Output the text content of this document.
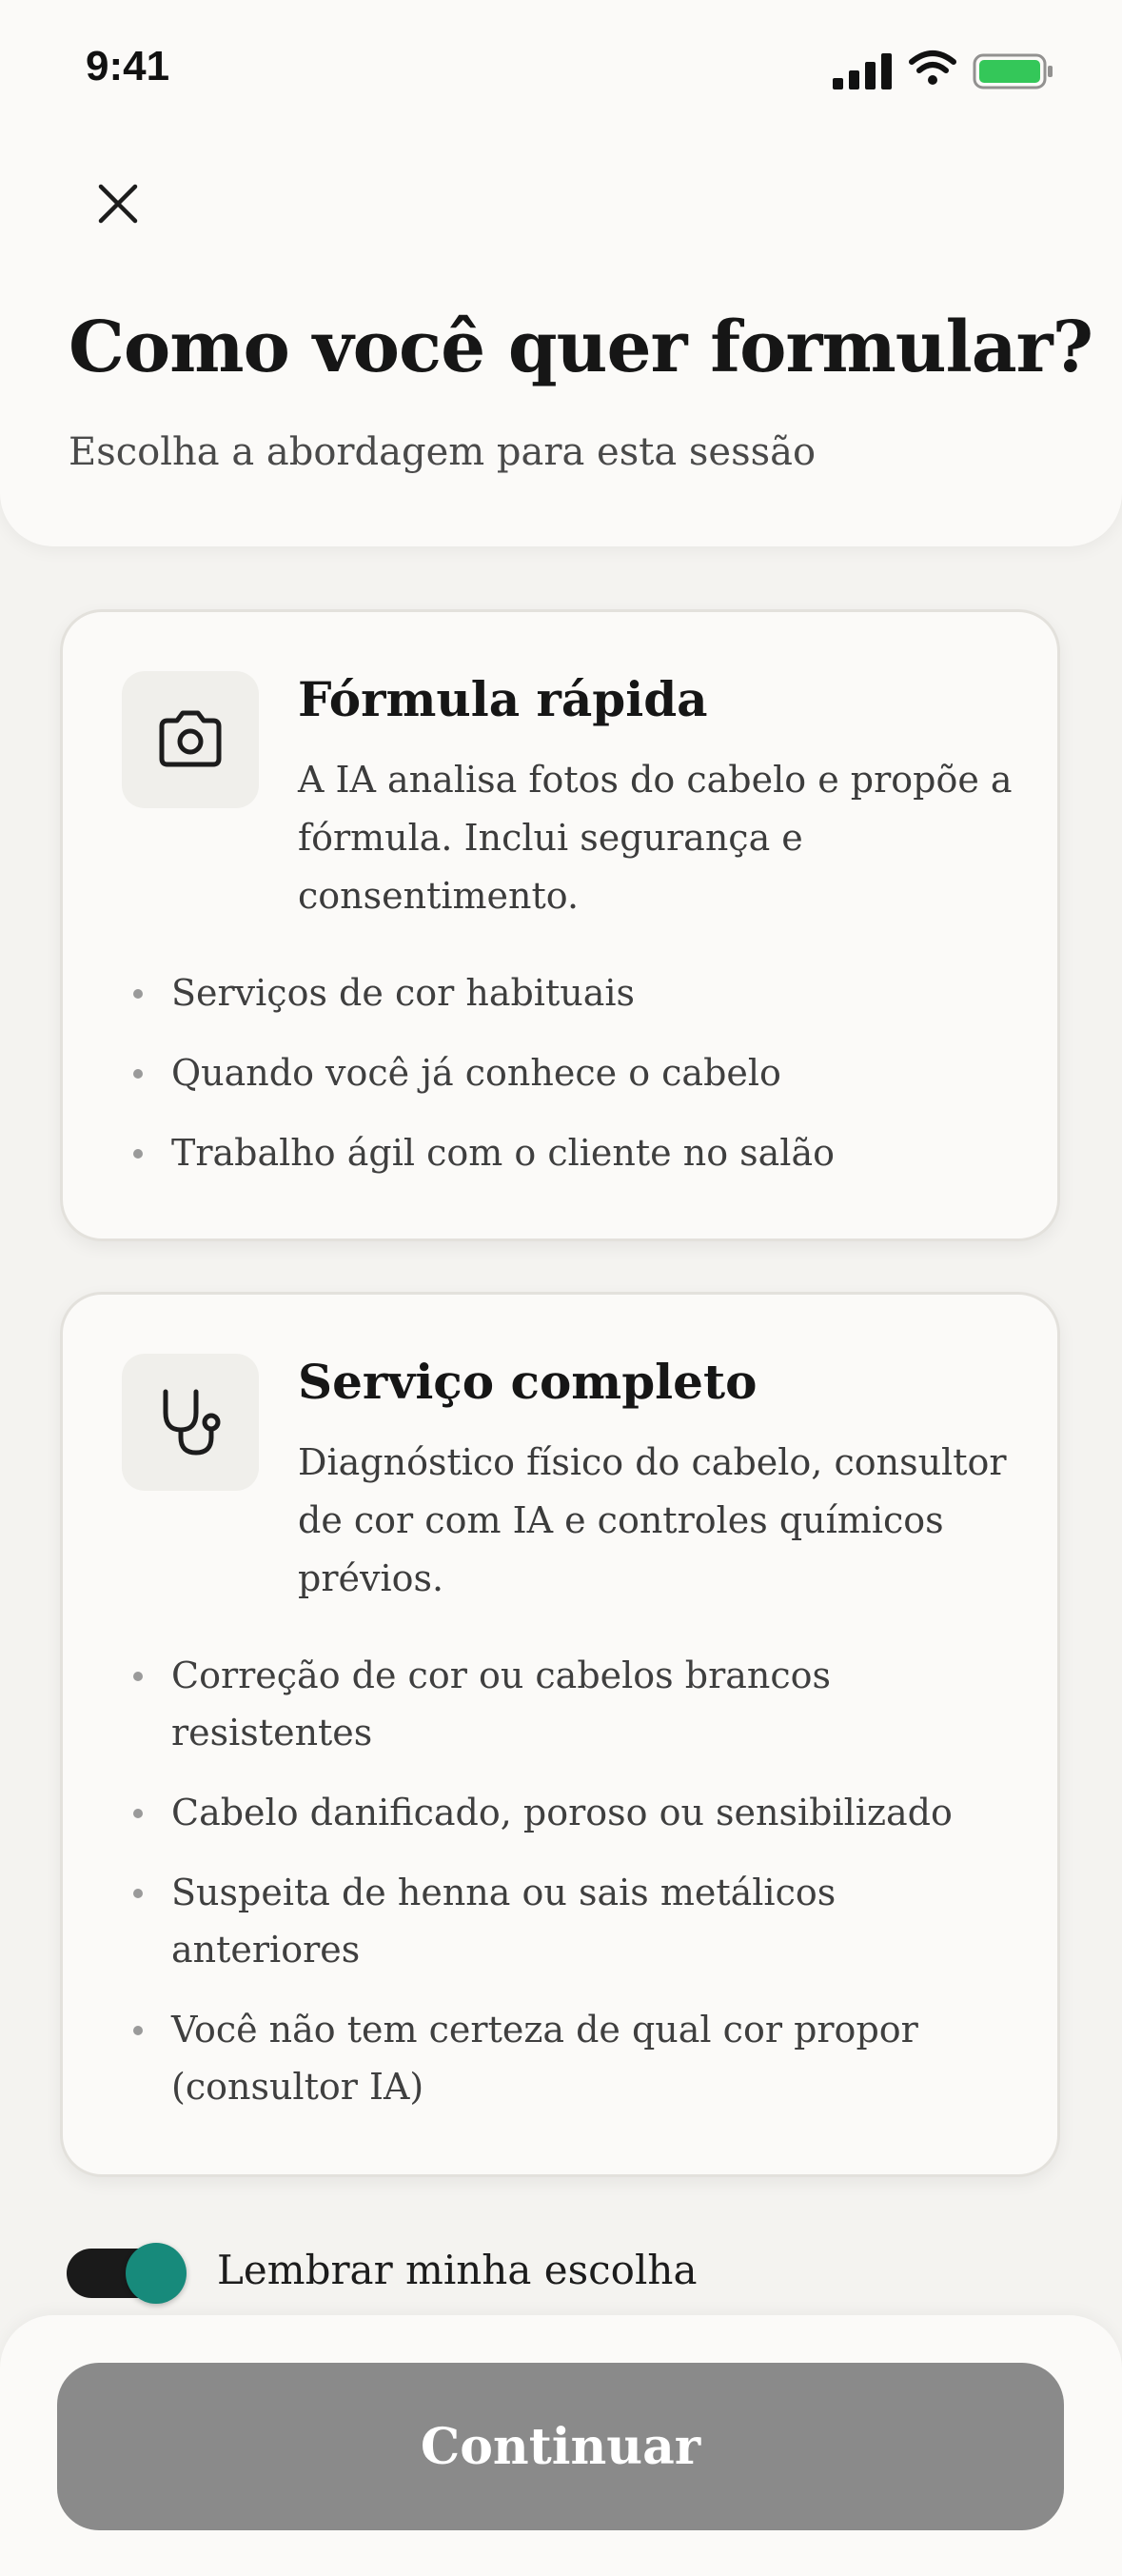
9:41
Como você quer formular?
Escolha a abordagem para esta sessão
Fórmula rápida
A IA analisa fotos do cabelo e propõe a fórmula. Inclui segurança e consentimento.
Serviços de cor habituais
Quando você já conhece o cabelo
Trabalho ágil com o cliente no salão
Serviço completo
Diagnóstico físico do cabelo, consultor de cor com IA e controles químicos prévios.
Correção de cor ou cabelos brancos resistentes
Cabelo danificado, poroso ou sensibilizado
Suspeita de henna ou sais metálicos anteriores
Você não tem certeza de qual cor propor (consultor IA)
Lembrar minha escolha
Continuar
